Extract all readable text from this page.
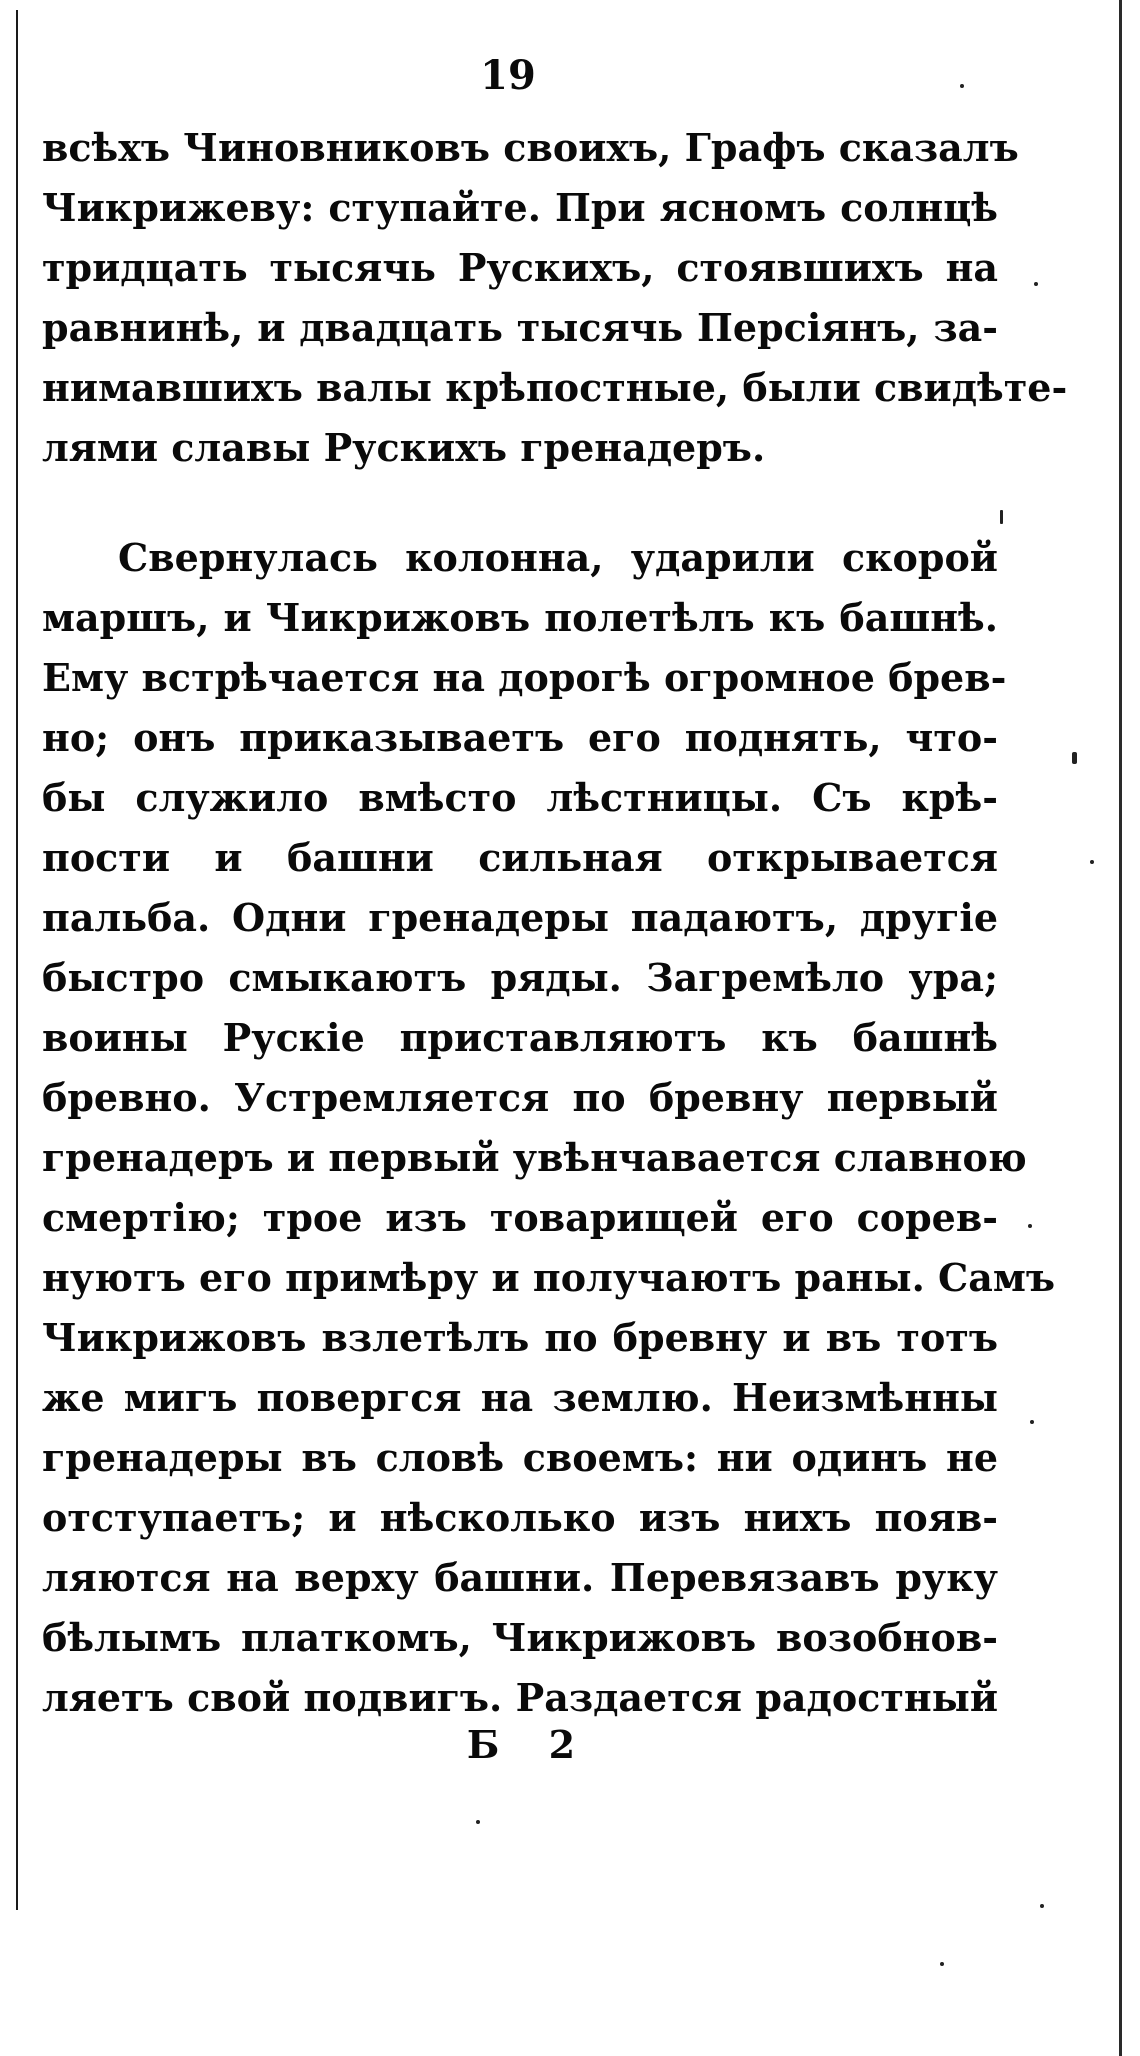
19
всѣхъ Чиновниковъ своихъ, Графъ сказалъ
Чикрижеву: ступайте. При ясномъ солнцѣ
тридцать тысячь Рускихъ, стоявшихъ на
равнинѣ, и двадцать тысячь Персіянъ, за-
нимавшихъ валы крѣпостные, были свидѣте-
лями славы Рускихъ гренадеръ.
Свернулась колонна, ударили скорой
маршъ, и Чикрижовъ полетѣлъ къ башнѣ.
Ему встрѣчается на дорогѣ огромное брев-
но; онъ приказываетъ его поднять, что-
бы служило вмѣсто лѣстницы. Съ крѣ-
пости и башни сильная открывается
пальба. Одни гренадеры падаютъ, другіе
быстро смыкаютъ ряды. Загремѣло ура;
воины Рускіе приставляютъ къ башнѣ
бревно. Устремляется по бревну первый
гренадеръ и первый увѣнчавается славною
смертію; трое изъ товарищей его сорев-
нуютъ его примѣру и получаютъ раны. Самъ
Чикрижовъ взлетѣлъ по бревну и въ тотъ
же мигъ повергся на землю. Неизмѣнны
гренадеры въ словѣ своемъ: ни одинъ не
отступаетъ; и нѣсколько изъ нихъ появ-
ляются на верху башни. Перевязавъ руку
бѣлымъ платкомъ, Чикрижовъ возобнов-
ляетъ свой подвигъ. Раздается радостный
Б 2
